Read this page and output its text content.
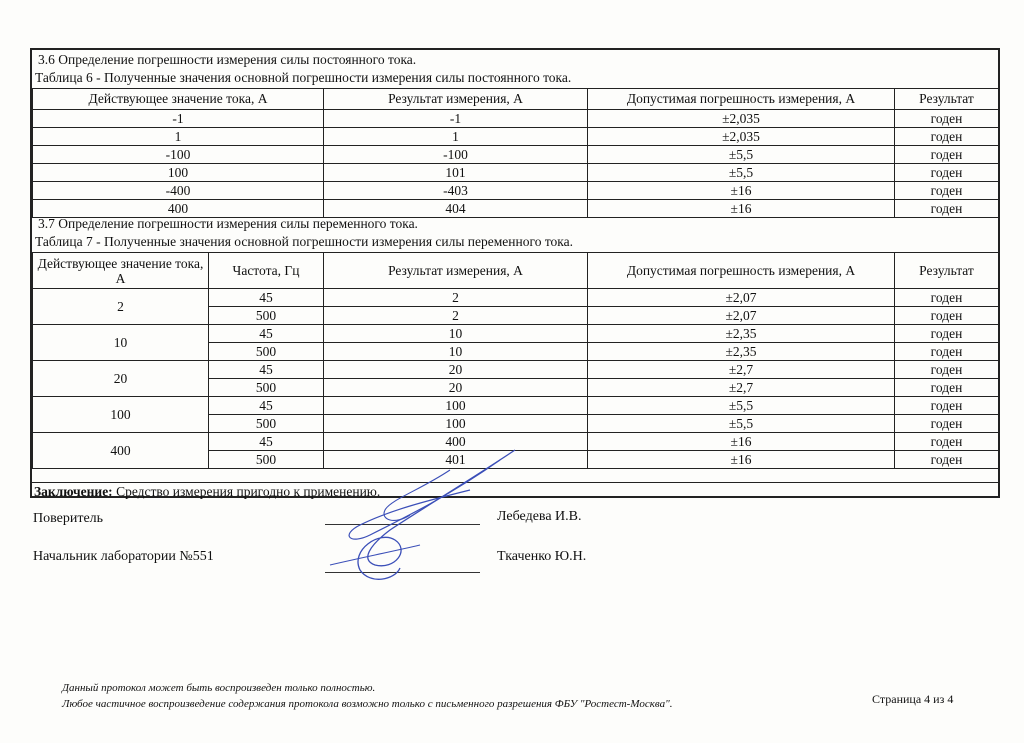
3.6 Определение погрешности измерения силы постоянного тока.
Таблица 6 - Полученные значения основной погрешности измерения силы постоянного тока.
Действующее значение тока, А	Результат измерения, А	Допустимая погрешность измерения, А	Результат
-1	-1	±2,035	годен
1	1	±2,035	годен
-100	-100	±5,5	годен
100	101	±5,5	годен
-400	-403	±16	годен
400	404	±16	годен
3.7 Определение погрешности измерения силы переменного тока.
Таблица 7 - Полученные значения основной погрешности измерения силы переменного тока.
Действующее значение тока, А	Частота, Гц	Результат измерения, А	Допустимая погрешность измерения, А	Результат
2	45	2	±2,07	годен
	500	2	±2,07	годен
10	45	10	±2,35	годен
	500	10	±2,35	годен
20	45	20	±2,7	годен
	500	20	±2,7	годен
100	45	100	±5,5	годен
	500	100	±5,5	годен
400	45	400	±16	годен
	500	401	±16	годен
Заключение: Средство измерения пригодно к применению.
Поверитель	Лебедева И.В.
Начальник лаборатории №551	Ткаченко Ю.Н.
Данный протокол может быть воспроизведен только полностью.
Любое частичное воспроизведение содержания протокола возможно только с письменного разрешения ФБУ "Ростест-Москва".	Страница 4 из 4
